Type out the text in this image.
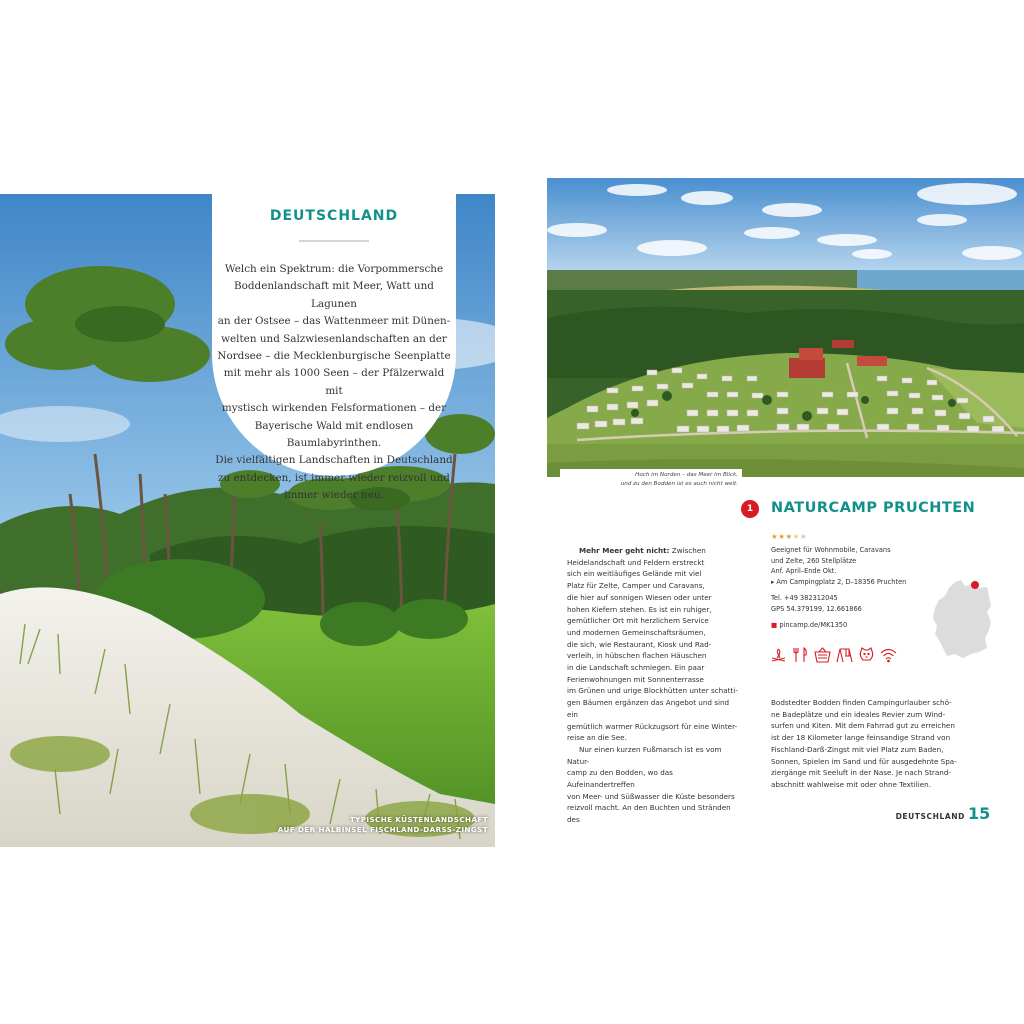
DEUTSCHLAND
Welch ein Spektrum: die Vorpommersche
Boddenlandschaft mit Meer, Watt und Lagunen
an der Ostsee – das Wattenmeer mit Dünen-
welten und Salzwiesenlandschaften an der
Nordsee – die Mecklenburgische Seenplatte
mit mehr als 1000 Seen – der Pfälzerwald mit
mystisch wirkenden Felsformationen – der
Bayerische Wald mit endlosen Baumlabyrinthen.
Die vielfältigen Landschaften in Deutschland
zu entdecken, ist immer wieder reizvoll und
immer wieder neu.
TYPISCHE KÜSTENLANDSCHAFT
AUF DER HALBINSEL FISCHLAND-DARSS-ZINGST
Hoch im Norden – das Meer im Blick,
und zu den Bodden ist es auch nicht weit.
1	NATURCAMP PRUCHTEN
★★★★★
Geeignet für Wohnmobile, Caravans
und Zelte, 260 Stellplätze
Anf. April–Ende Okt.
▸ Am Campingplatz 2, D–18356 Pruchten
Tel. +49 382312045
GPS 54.379199, 12.661866
■ pincamp.de/MK1350
Mehr Meer geht nicht: Zwischen
Heidelandschaft und Feldern erstreckt
sich ein weitläufiges Gelände mit viel
Platz für Zelte, Camper und Caravans,
die hier auf sonnigen Wiesen oder unter
hohen Kiefern stehen. Es ist ein ruhiger,
gemütlicher Ort mit herzlichem Service
und modernen Gemeinschaftsräumen,
die sich, wie Restaurant, Kiosk und Rad-
verleih, in hübschen flachen Häuschen
in die Landschaft schmiegen. Ein paar
Ferienwohnungen mit Sonnenterrasse
im Grünen und urige Blockhütten unter schatti-
gen Bäumen ergänzen das Angebot und sind ein
gemütlich warmer Rückzugsort für eine Winter-
reise an die See.
Nur einen kurzen Fußmarsch ist es vom Natur-
camp zu den Bodden, wo das Aufeinandertreffen
von Meer- und Süßwasser die Küste besonders
reizvoll macht. An den Buchten und Stränden des
Bodstedter Bodden finden Campingurlauber schö-
ne Badeplätze und ein ideales Revier zum Wind-
surfen und Kiten. Mit dem Fahrrad gut zu erreichen
ist der 18 Kilometer lange feinsandige Strand von
Fischland-Darß-Zingst mit viel Platz zum Baden,
Sonnen, Spielen im Sand und für ausgedehnte Spa-
ziergänge mit Seeluft in der Nase. Je nach Strand-
abschnitt wahlweise mit oder ohne Textilien.
DEUTSCHLAND 15
